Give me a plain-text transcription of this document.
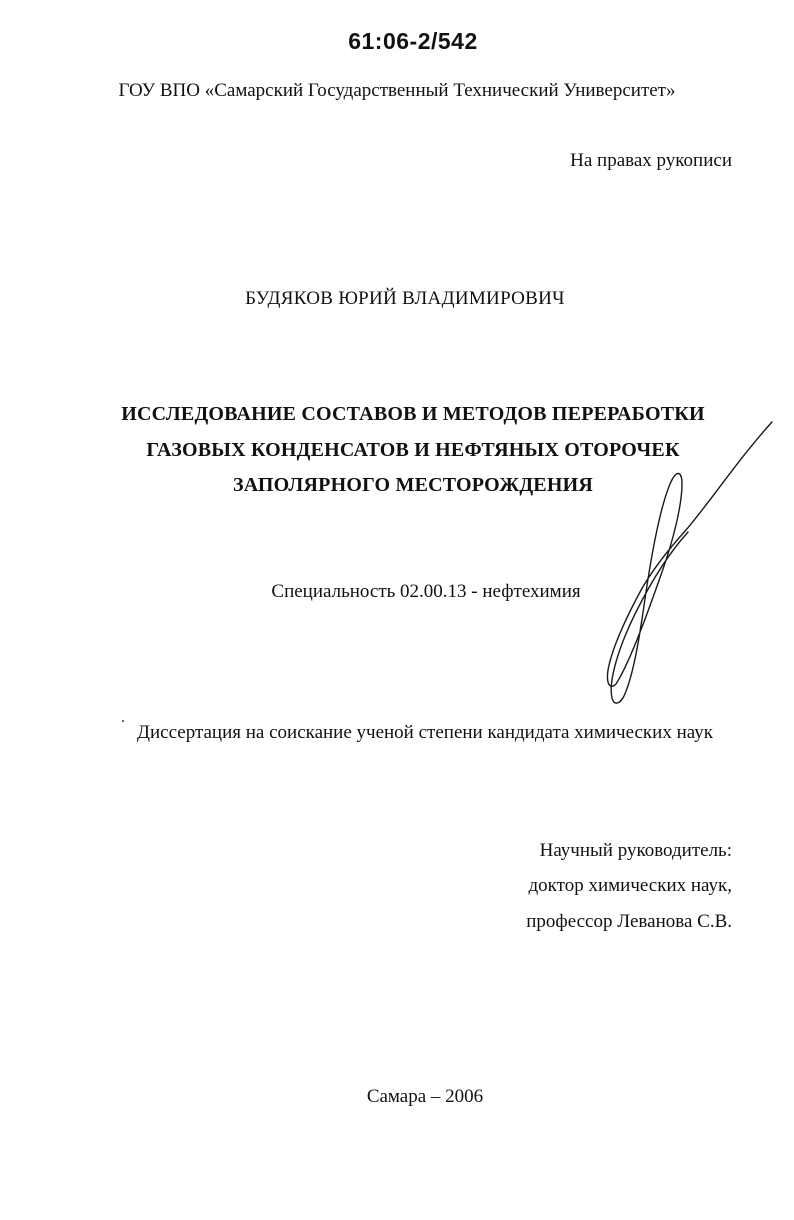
61:06-2/542
ГОУ ВПО «Самарский Государственный Технический Университет»
На правах рукописи
БУДЯКОВ ЮРИЙ ВЛАДИМИРОВИЧ
ИССЛЕДОВАНИЕ СОСТАВОВ И МЕТОДОВ ПЕРЕРАБОТКИ
ГАЗОВЫХ КОНДЕНСАТОВ И НЕФТЯНЫХ ОТОРОЧЕК
ЗАПОЛЯРНОГО МЕСТОРОЖДЕНИЯ
Специальность 02.00.13 - нефтехимия
Диссертация на соискание ученой степени кандидата химических наук
Научный руководитель:
доктор химических наук,
профессор Леванова С.В.
Самара – 2006
